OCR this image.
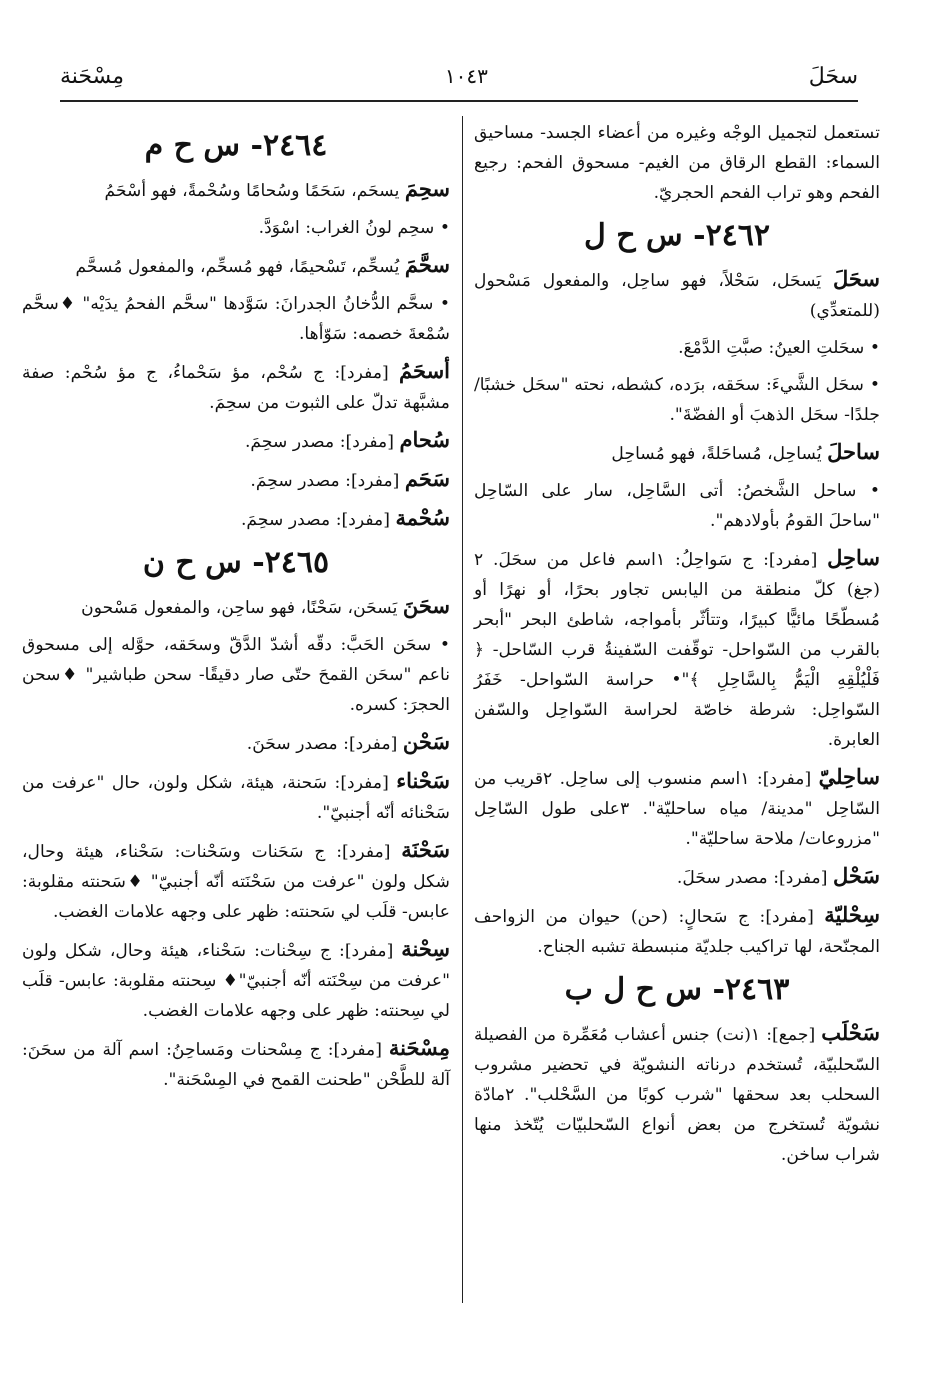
سحَلَ
١٠٤٣
مِسْحَنة

تستعمل لتجميل الوجْه وغيره من أعضاء الجسد- مساحيق السماء: القطع الرقاق من الغيم- مسحوق الفحم: رجيع الفحم وهو تراب الفحم الحجريّ.

٢٤٦٢- س ح ل

سحَلَ يَسحَل، سَحْلاً، فهو ساحِل، والمفعول مَسْحول (للمتعدِّي)

• سحَلتِ العينُ: صبَّتِ الدَّمْعَ.

• سحَل الشَّيءَ: سحَقه، برَده، كشطه، نحته "سحَل خشبًا/ جلدًا- سحَل الذهبَ أو الفضّةَ".

ساحلَ يُساحِل، مُساحَلةً، فهو مُساحِل

• ساحل الشَّخصُ: أتى السَّاحِل، سار على السّاحِل "ساحلَ القومُ بأولادهم".

ساحِل [مفرد]: ج سَواحِلُ: ١اسم فاعل من سحَلَ. ٢ (جغ) كلّ منطقة من اليابس تجاور بحرًا، أو نهرًا أو مُسطّحًا مائيًّا كبيرًا، وتتأثّر بأمواجه، شاطئ البحر "أبحر بالقرب من السّواحل- توقّفت السّفينةُ قرب السّاحل- ﴿ فَلْيُلْقِهِ الْيَمُّ بِالسَّاحِلِ ﴾"• حراسة السّواحل- خَفَرُ السّواحِل: شرطة خاصّة لحراسة السّواحِل والسّفن العابرة.

ساحِليّ [مفرد]: ١اسم منسوب إلى ساحِل. ٢قريب من السّاحِل "مدينة/ مياه ساحليّة". ٣على طول السّاحِل "مزروعات/ ملاحة ساحليّة".

سَحْل [مفرد]: مصدر سحَلَ.

سِحْليّة [مفرد]: ج سَحالٍ: (حن) حيوان من الزواحف المجنّحة، لها تراكيب جلديّة منبسطة تشبه الجناح.

٢٤٦٣- س ح ل ب

سَحْلَب [جمع]: ١(نت) جنس أعشاب مُعَمِّرة من الفصيلة السّحلبيّة، تُستخدم درناته النشويّة في تحضير مشروب السحلب بعد سحقها "شرب كوبًا من السَّحْلب". ٢مادّة نشويّة تُستخرج من بعض أنواع السّحلبيّات يُتّخذ منها شراب ساخن.

٢٤٦٤- س ح م

سحِمَ يسحَم، سَحَمًا وسُحامًا وسُحْمةً، فهو أسْحَمُ

• سحِم لونُ الغراب: اسْوَدَّ.

سحَّمَ يُسحِّم، تَسْحيمًا، فهو مُسحِّم، والمفعول مُسحَّم

• سحَّم الدُّخانُ الجدرانَ: سَوَّدها "سحَّم الفحمُ يدَيْه" ♦سحَّم سُمْعةَ خصمه: سَوّأها.

أسحَمُ [مفرد]: ج سُحْم، مؤ سَحْماءُ، ج مؤ سُحْم: صفة مشبَّهة تدلّ على الثبوت من سحِمَ.

سُحام [مفرد]: مصدر سحِمَ.

سَحَم [مفرد]: مصدر سحِمَ.

سُحْمة [مفرد]: مصدر سحِمَ.

٢٤٦٥- س ح ن

سحَنَ يَسحَن، سَحْنًا، فهو ساحِن، والمفعول مَسْحون

• سحَن الحَبَّ: دقّه أشدّ الدَّقّ وسحَقه، حوَّله إلى مسحوق ناعم "سحَن القمحَ حتّى صار دقيقًا- سحن طباشير" ♦سحن الحجرَ: كسره.

سَحْن [مفرد]: مصدر سحَنَ.

سَحْناء [مفرد]: سَحنة، هيئة، شكل ولون، حال "عرفت من سَحْنائه أنّه أجنبيّ".

سَحْنَة [مفرد]: ج سَحَنات وسَحْنات: سَحْناء، هيئة وحال، شكل ولون "عرفت من سَحْنَته أنّه أجنبيّ" ♦سَحنته مقلوبة: عابس- قلَب لي سَحنته: ظهر على وجهه علامات الغضب.

سِحْنة [مفرد]: ج سِحْنات: سَحْناء، هيئة وحال، شكل ولون "عرفت من سِحْنَته أنّه أجنبيّ"♦ سِحنته مقلوبة: عابس- قلَب لي سِحنته: ظهر على وجهه علامات الغضب.

مِسْحَنة [مفرد]: ج مِسْحنات ومَساحِنُ: اسم آلة من سحَنَ: آلة للطَّحْن "طحنت القمح في المِسْحَنة".
